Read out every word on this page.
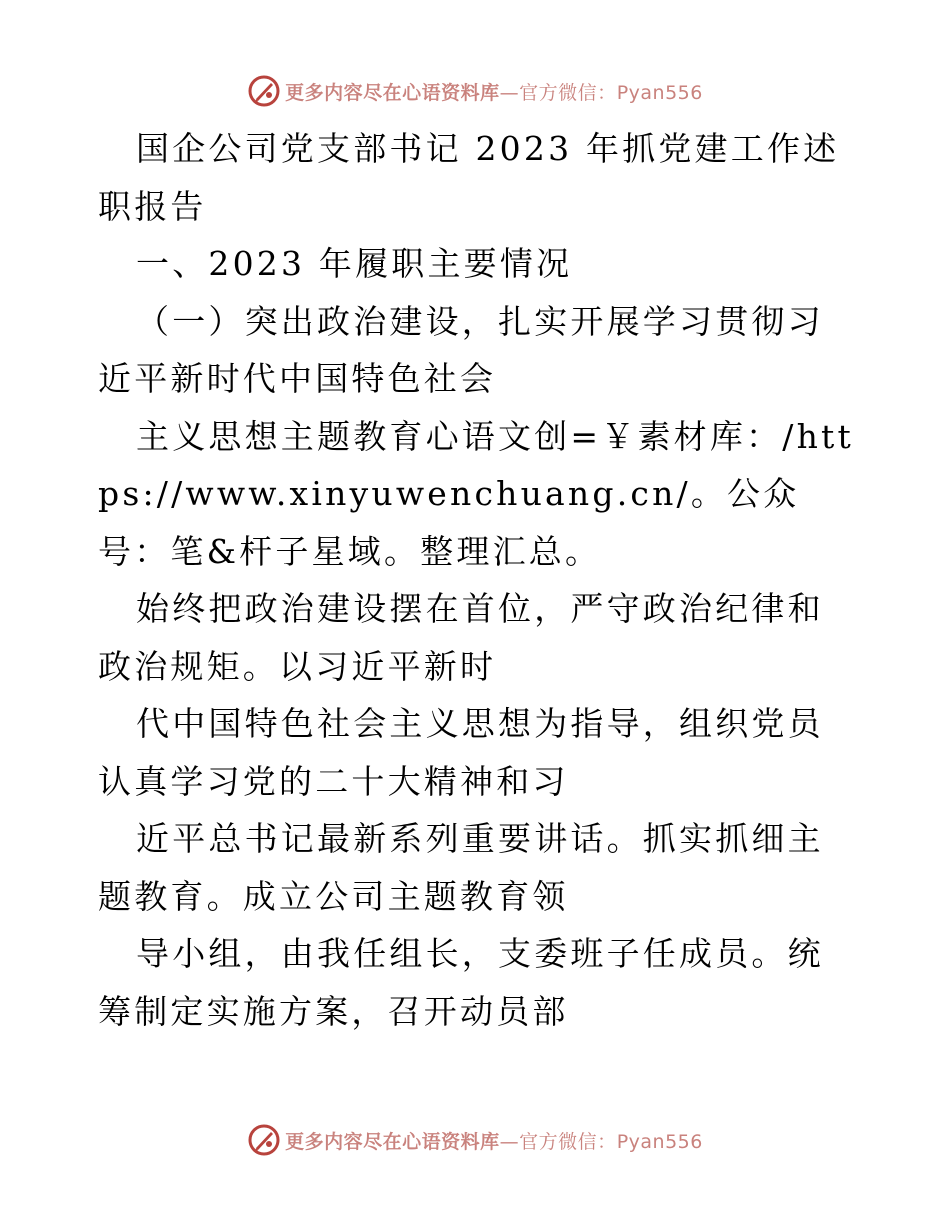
更多内容尽在心语资料库—官方微信：Pyan556

国企公司党支部书记 2023 年抓党建工作述职报告

一、2023 年履职主要情况

（一）突出政治建设，扎实开展学习贯彻习近平新时代中国特色社会

主义思想主题教育心语文创=￥素材库：/https://www.xinyuwenchuang.cn/。公众号：笔&杆子星域。整理汇总。

始终把政治建设摆在首位，严守政治纪律和政治规矩。以习近平新时

代中国特色社会主义思想为指导，组织党员认真学习党的二十大精神和习

近平总书记最新系列重要讲话。抓实抓细主题教育。成立公司主题教育领

导小组，由我任组长，支委班子任成员。统筹制定实施方案，召开动员部

更多内容尽在心语资料库—官方微信：Pyan556
